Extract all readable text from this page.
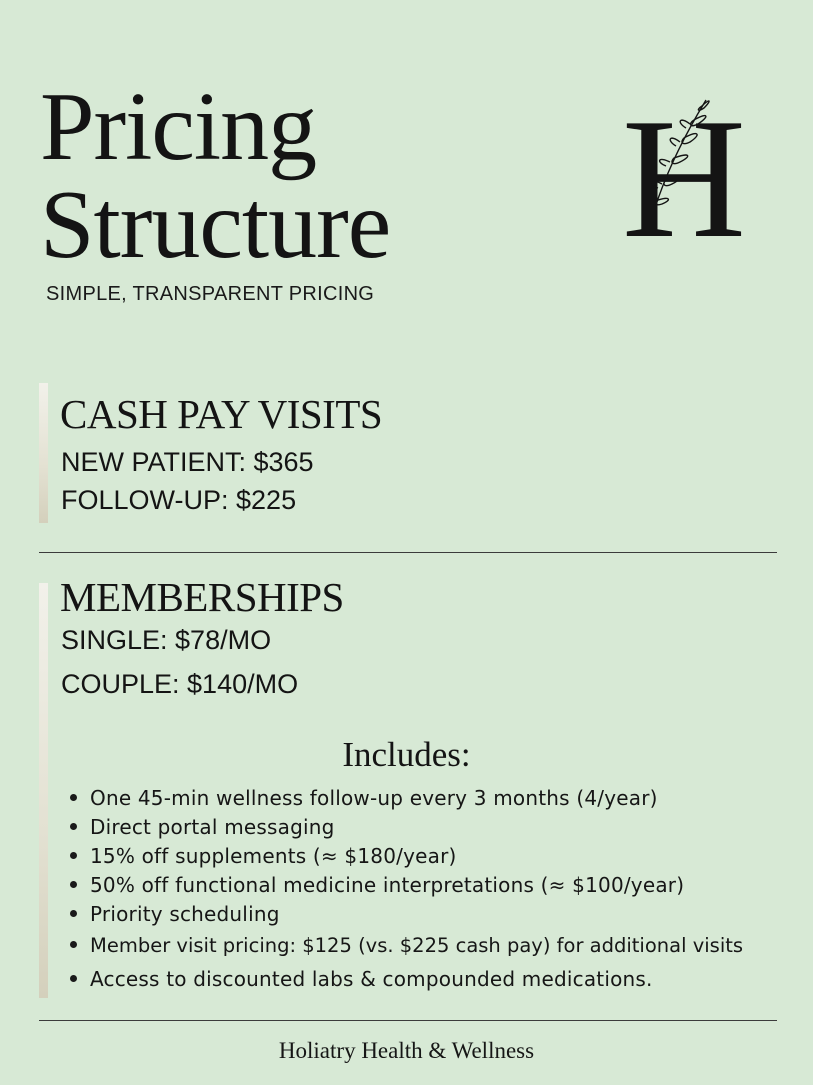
Pricing
Structure
SIMPLE, TRANSPARENT PRICING
H
CASH PAY VISITS
NEW PATIENT: $365
FOLLOW-UP: $225
MEMBERSHIPS
SINGLE: $78/MO
COUPLE: $140/MO
Includes:
One 45-min wellness follow-up every 3 months (4/year)
Direct portal messaging
15% off supplements (≈ $180/year)
50% off functional medicine interpretations (≈ $100/year)
Priority scheduling
Member visit pricing: $125 (vs. $225 cash pay) for additional visits
Access to discounted labs & compounded medications.
Holiatry Health & Wellness
